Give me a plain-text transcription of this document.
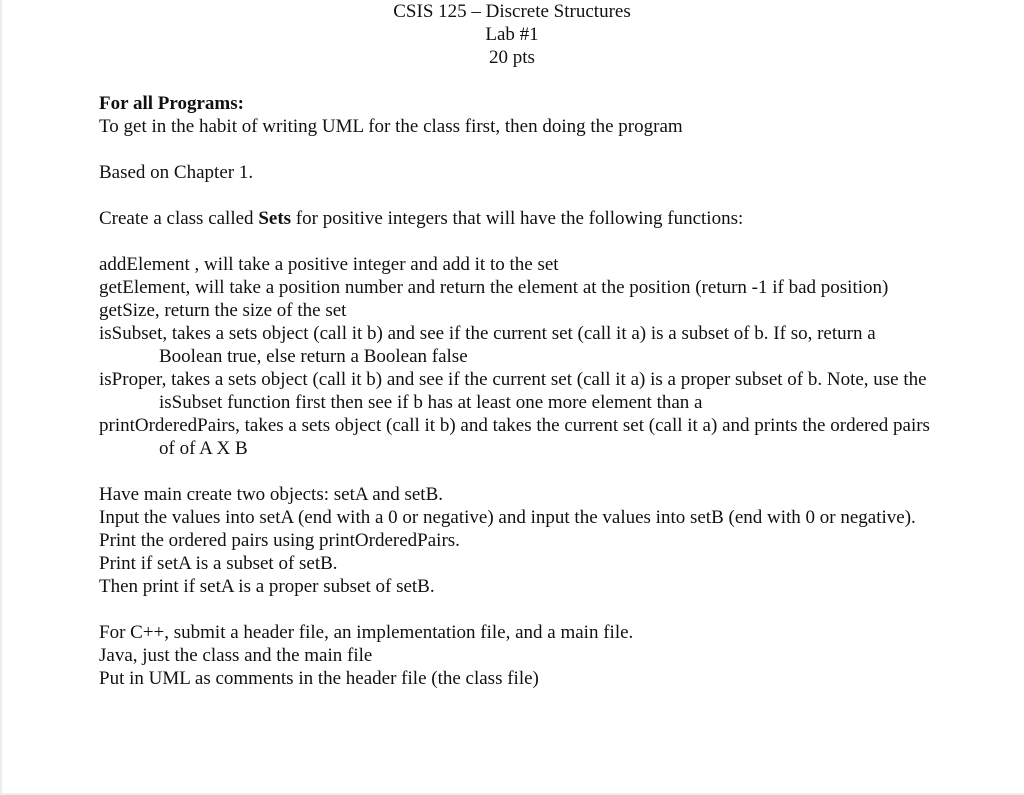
CSIS 125 – Discrete Structures
Lab #1
20 pts
For all Programs:
To get in the habit of writing UML for the class first, then doing the program
Based on Chapter 1.
Create a class called Sets for positive integers that will have the following functions:
addElement , will take a positive integer and add it to the set
getElement, will take a position number and return the element at the position (return -1 if bad position)
getSize, return the size of the set
isSubset, takes a sets object (call it b) and see if the current set (call it a) is a subset of b. If so, return a Boolean true, else return a Boolean false
isProper, takes a sets object (call it b) and see if the current set (call it a) is a proper subset of b. Note, use the isSubset function first then see if b has at least one more element than a
printOrderedPairs, takes a sets object (call it b) and takes the current set (call it a) and prints the ordered pairs of of A X B
Have main create two objects: setA and setB.
Input the values into setA (end with a 0 or negative) and input the values into setB (end with 0 or negative).
Print the ordered pairs using printOrderedPairs.
Print if setA is a subset of setB.
Then print if setA is a proper subset of setB.
For C++, submit a header file, an implementation file, and a main file.
Java, just the class and the main file
Put in UML as comments in the header file (the class file)
